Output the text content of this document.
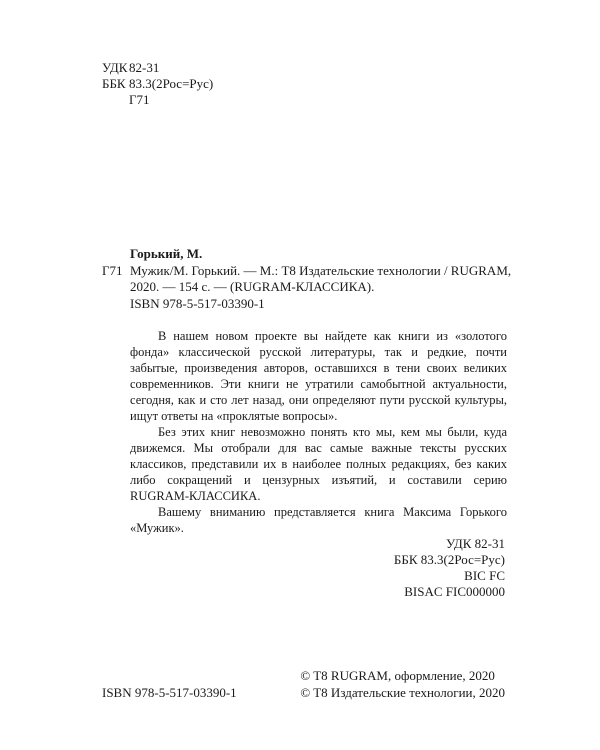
УДК 82-31
ББК 83.3(2Рос=Рус)
Г71
Горький, М.
Г71 Мужик/М. Горький. — М.: T8 Издательские технологии / RUGRAM,
2020. — 154 с. — (RUGRAM-КЛАССИКА).
ISBN 978-5-517-03390-1

В нашем новом проекте вы найдете как книги из «золотого фонда» классической русской литературы, так и редкие, почти забытые, произведения авторов, оставшихся в тени своих великих современников. Эти книги не утратили самобытной актуальности, сегодня, как и сто лет назад, они определяют пути русской культуры, ищут ответы на «проклятые вопросы».

Без этих книг невозможно понять кто мы, кем мы были, куда движемся. Мы отобрали для вас самые важные тексты русских классиков, представили их в наиболее полных редакциях, без каких либо сокращений и цензурных изъятий, и составили серию RUGRAM-КЛАССИКА.

Вашему вниманию представляется книга Максима Горького «Мужик».

УДК 82-31
ББК 83.3(2Рос=Рус)
BIC FC
BISAC FIC000000
ISBN 978-5-517-03390-1
© T8 RUGRAM, оформление, 2020
© T8 Издательские технологии, 2020
